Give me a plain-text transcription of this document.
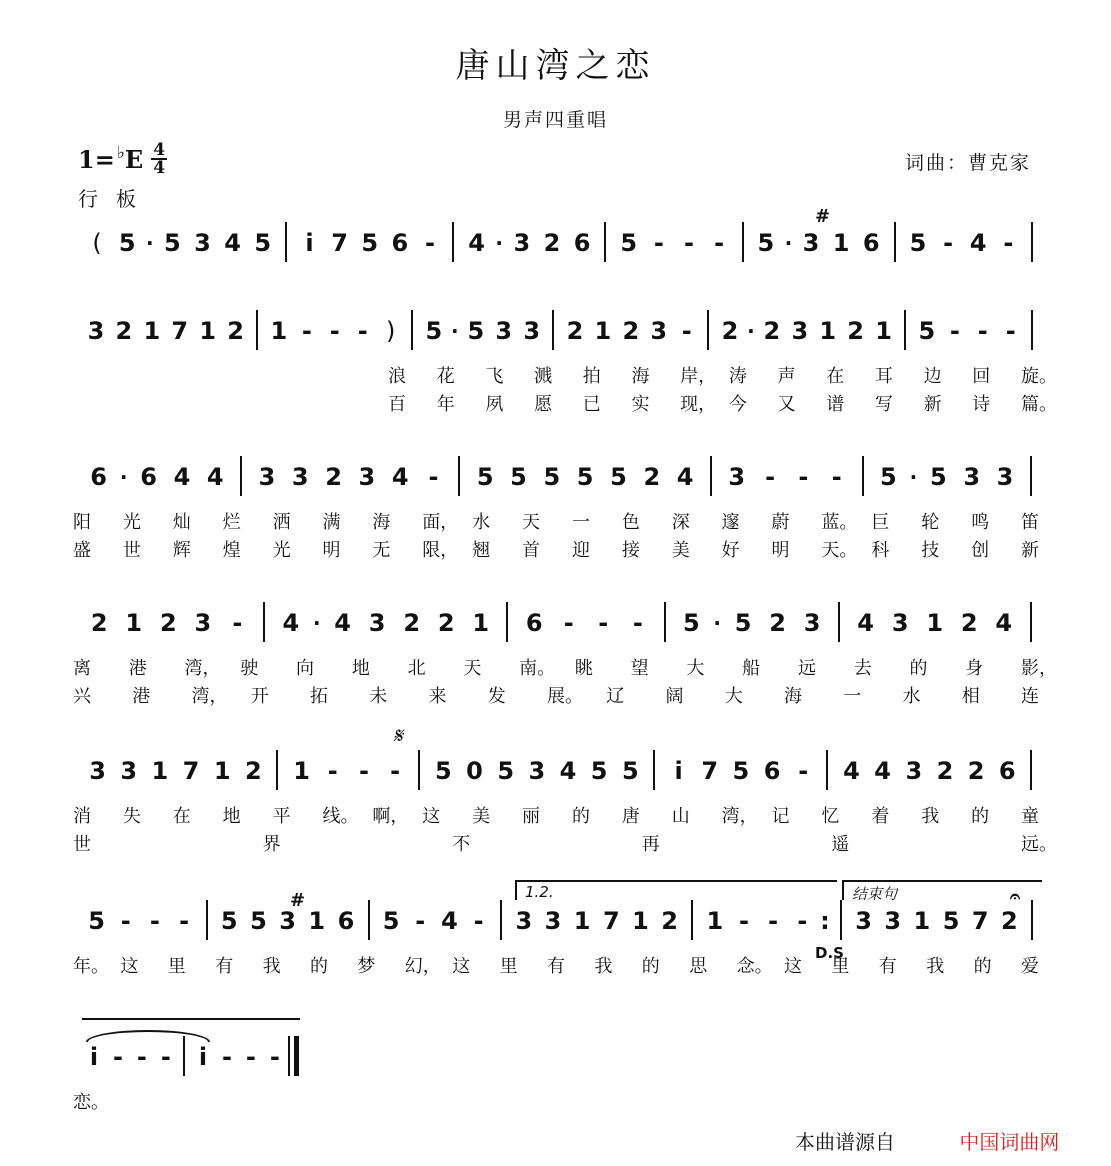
唐山湾之恋
男声四重唱
1= ♭ E $\frac{4}{4}$	词曲：曹克家
行板
( 5 · 5 3 4 5	i 7 5 6 - 4 · 3 2 6 5 - - - 5 · 3 1 6 5 - 4 -
3 2 1 7 1 2 1 - - - )	5 · 5 3 3 2 1 2 3 - 2 · 2 3 1 2 1 5 - - -
浪 花 飞 溅 拍 海 岸， 涛 声 在 耳 边 回 旋。
百 年 夙 愿 已 实 现， 今 又 谱 写 新 诗 篇。
6 · 6 4 4 3 3 2 3 4 - 5 5 5 5 5 2 4 3 - - - 5 · 5 3 3
阳 光 灿 烂 洒 满 海 面， 水 天 一 色 深 邃 蔚 蓝。 巨 轮 鸣 笛
盛 世 辉 煌 光 明 无 限， 翘 首 迎 接 美 好 明 天。 科 技 创 新
2 1 2 3 - 4 · 4 3 2 2 1 6 - - - 5 · 5 2 3 4 3 1 2 4
离 港 湾， 驶 向 地 北 天 南。 眺 望 大 船 远 去 的 身 影，
兴 港 湾， 开 拓 未 来 发 展。 辽 阔 大 海 一 水 相 连
3 3 1 7 1 2 1 - - - 5 0 5 3 4 5 5	i 7 5 6 - 4 4 3 2 2 6
消 失 在 地 平 线。 啊， 这 美 丽 的 唐 山 湾， 记 忆 着 我 的 童
世	界	不	再	遥	远。
5 - - - 5 5 3 1 6 5 - 4 - 3 3 1 7 1 2 1 - - - :	3 3 1 5 7 2
年。 这 里 有 我 的 梦 幻， 这 里 有 我 的 思 念。 这 里 有 我 的 爱
i - - -	i - - -
恋。
#
#
𝄋
D.S
𝄐
1.2.	结束句
本曲谱源自	中国词曲网
